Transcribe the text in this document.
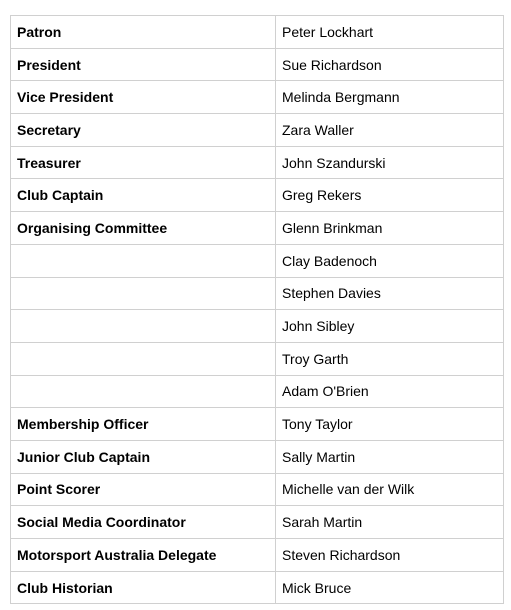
Patron	Peter Lockhart
President	Sue Richardson
Vice President	Melinda Bergmann
Secretary	Zara Waller
Treasurer	John Szandurski
Club Captain	Greg Rekers
Organising Committee	Glenn Brinkman
	Clay Badenoch
	Stephen Davies
	John Sibley
	Troy Garth
	Adam O'Brien
Membership Officer	Tony Taylor
Junior Club Captain	Sally Martin
Point Scorer	Michelle van der Wilk
Social Media Coordinator	Sarah Martin
Motorsport Australia Delegate	Steven Richardson
Club Historian	Mick Bruce
